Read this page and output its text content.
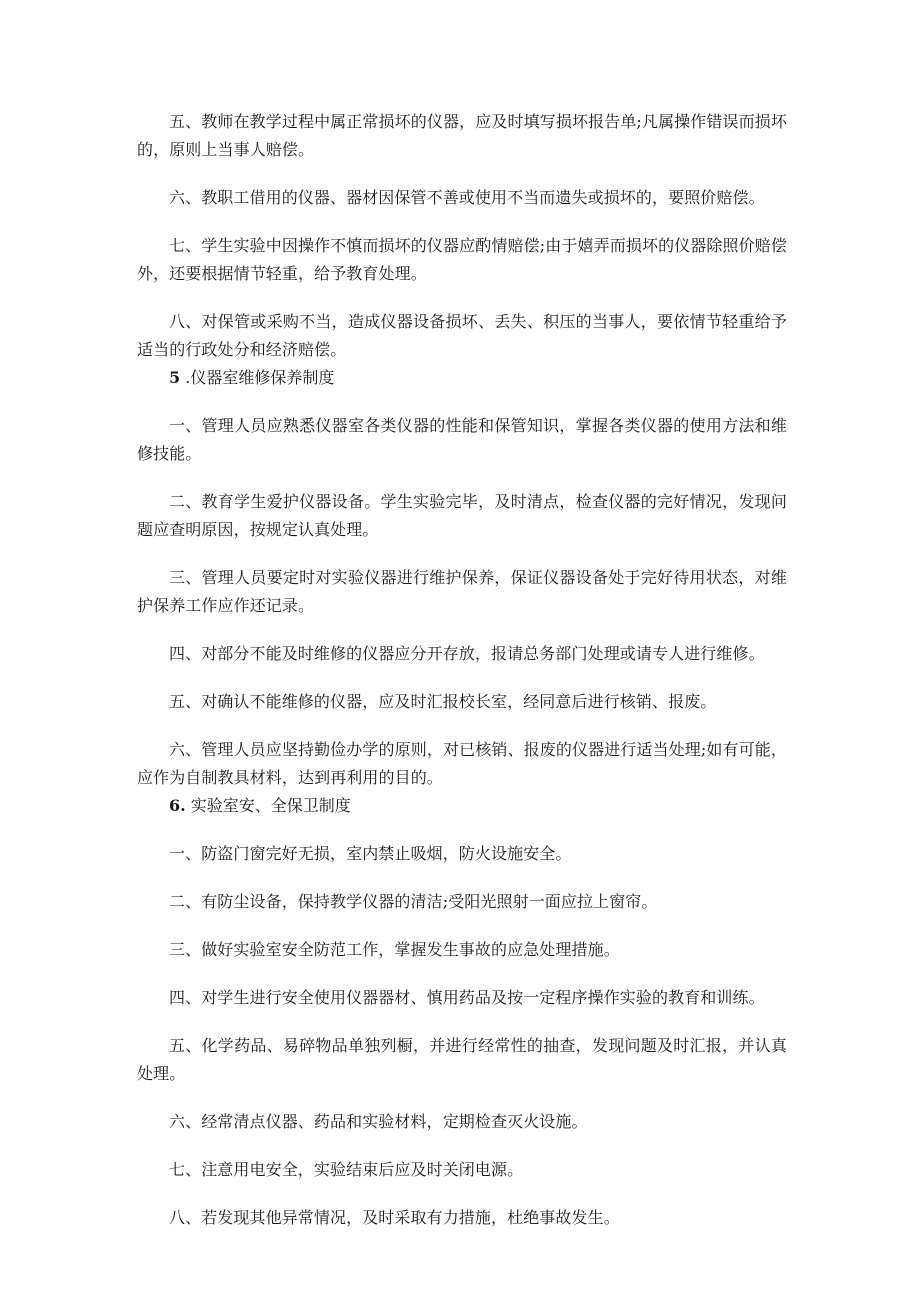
五、教师在教学过程中属正常损坏的仪器，应及时填写损坏报告单;凡属操作错误而损坏的，原则上当事人赔偿。

六、教职工借用的仪器、器材因保管不善或使用不当而遗失或损坏的，要照价赔偿。

七、学生实验中因操作不慎而损坏的仪器应酌情赔偿;由于嬉弄而损坏的仪器除照价赔偿外，还要根据情节轻重，给予教育处理。

八、对保管或采购不当，造成仪器设备损坏、丢失、积压的当事人，要依情节轻重给予适当的行政处分和经济赔偿。

5 .仪器室维修保养制度

一、管理人员应熟悉仪器室各类仪器的性能和保管知识，掌握各类仪器的使用方法和维修技能。

二、教育学生爱护仪器设备。学生实验完毕，及时清点，检查仪器的完好情况，发现问题应查明原因，按规定认真处理。

三、管理人员要定时对实验仪器进行维护保养，保证仪器设备处于完好待用状态，对维护保养工作应作还记录。

四、对部分不能及时维修的仪器应分开存放，报请总务部门处理或请专人进行维修。

五、对确认不能维修的仪器，应及时汇报校长室，经同意后进行核销、报废。

六、管理人员应坚持勤俭办学的原则，对已核销、报废的仪器进行适当处理;如有可能，应作为自制教具材料，达到再利用的目的。

6. 实验室安、全保卫制度

一、防盗门窗完好无损，室内禁止吸烟，防火设施安全。

二、有防尘设备，保持教学仪器的清洁;受阳光照射一面应拉上窗帘。

三、做好实验室安全防范工作，掌握发生事故的应急处理措施。

四、对学生进行安全使用仪器器材、慎用药品及按一定程序操作实验的教育和训练。

五、化学药品、易碎物品单独列橱，并进行经常性的抽查，发现问题及时汇报，并认真处理。

六、经常清点仪器、药品和实验材料，定期检查灭火设施。

七、注意用电安全，实验结束后应及时关闭电源。

八、若发现其他异常情况，及时采取有力措施，杜绝事故发生。
